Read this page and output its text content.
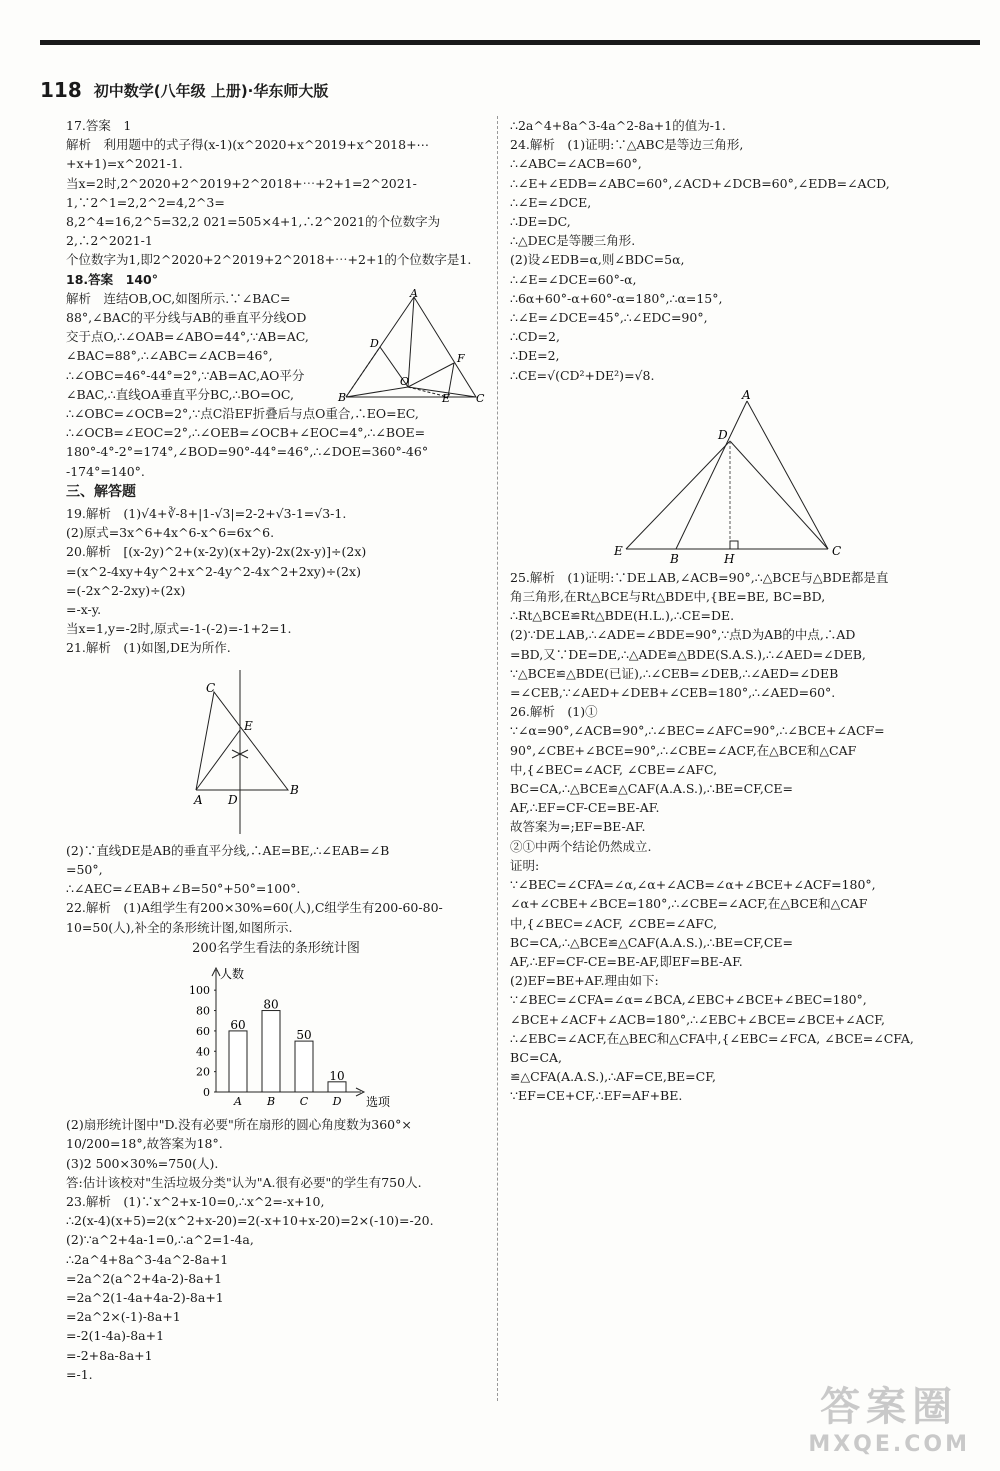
118 初中数学(八年级 上册)·华东师大版
17.答案　1
解析　利用题中的式子得(x-1)(x^2020+x^2019+x^2018+⋯+x+1)=x^2021-1.
当x=2时,2^2020+2^2019+2^2018+⋯+2+1=2^2021-1,∵2^1=2,2^2=4,2^3=
8,2^4=16,2^5=32,2 021=505×4+1,∴2^2021的个位数字为2,∴2^2021-1
个位数字为1,即2^2020+2^2019+2^2018+⋯+2+1的个位数字是1.
18.答案　140°
解析　连结OB,OC,如图所示.∵∠BAC=
88°,∠BAC的平分线与AB的垂直平分线OD
交于点O,∴∠OAB=∠ABO=44°,∵AB=AC,
∠BAC=88°,∴∠ABC=∠ACB=46°,
∴∠OBC=46°-44°=2°,∵AB=AC,AO平分
∠BAC,∴直线OA垂直平分BC,∴BO=OC,
A
D
F
B
O
E C
∴∠OBC=∠OCB=2°,∵点C沿EF折叠后与点O重合,∴EO=EC,
∴∠OCB=∠EOC=2°,∴∠OEB=∠OCB+∠EOC=4°,∴∠BOE=
180°-4°-2°=174°,∠BOD=90°-44°=46°,∴∠DOE=360°-46°
-174°=140°.
三、解答题
19.解析　(1)√4+∛-8+|1-√3|=2-2+√3-1=√3-1.
(2)原式=3x^6+4x^6-x^6=6x^6.
20.解析　[(x-2y)^2+(x-2y)(x+2y)-2x(2x-y)]÷(2x)
=(x^2-4xy+4y^2+x^2-4y^2-4x^2+2xy)÷(2x)
=(-2x^2-2xy)÷(2x)
=-x-y.
当x=1,y=-2时,原式=-1-(-2)=-1+2=1.
21.解析　(1)如图,DE为所作.
C
E
A D
B
(2)∵直线DE是AB的垂直平分线,∴AE=BE,∴∠EAB=∠B
=50°,
∴∠AEC=∠EAB+∠B=50°+50°=100°.
22.解析　(1)A组学生有200×30%=60(人),C组学生有200-60-80-
10=50(人),补全的条形统计图,如图所示.
200名学生看法的条形统计图
人数
选项
0
20
40
60
80
100
60
A
80
B
50
C
10
D
(2)扇形统计图中"D.没有必要"所在扇形的圆心角度数为360°×
10/200=18°,故答案为18°.
(3)2 500×30%=750(人).
答:估计该校对"生活垃圾分类"认为"A.很有必要"的学生有750人.
23.解析　(1)∵x^2+x-10=0,∴x^2=-x+10,
∴2(x-4)(x+5)=2(x^2+x-20)=2(-x+10+x-20)=2×(-10)=-20.
(2)∵a^2+4a-1=0,∴a^2=1-4a,
∴2a^4+8a^3-4a^2-8a+1
=2a^2(a^2+4a-2)-8a+1
=2a^2(1-4a+4a-2)-8a+1
=2a^2×(-1)-8a+1
=-2(1-4a)-8a+1
=-2+8a-8a+1
=-1.
∴2a^4+8a^3-4a^2-8a+1的值为-1.
24.解析　(1)证明:∵△ABC是等边三角形,
∴∠ABC=∠ACB=60°,
∴∠E+∠EDB=∠ABC=60°,∠ACD+∠DCB=60°,∠EDB=∠ACD,
∴∠E=∠DCE,
∴DE=DC,
∴△DEC是等腰三角形.
(2)设∠EDB=α,则∠BDC=5α,
∴∠E=∠DCE=60°-α,
∴6α+60°-α+60°-α=180°,∴α=15°,
∴∠E=∠DCE=45°,∴∠EDC=90°,
∴CD=2,
∴DE=2,
∴CE=√(CD²+DE²)=√8.
A
D
E
B	H
C
25.解析　(1)证明:∵DE⊥AB,∠ACB=90°,∴△BCE与△BDE都是直
角三角形,在Rt△BCE与Rt△BDE中,{BE=BE, BC=BD,
∴Rt△BCE≌Rt△BDE(H.L.),∴CE=DE.
(2)∵DE⊥AB,∴∠ADE=∠BDE=90°,∵点D为AB的中点,∴AD
=BD,又∵DE=DE,∴△ADE≌△BDE(S.A.S.),∴∠AED=∠DEB,
∵△BCE≌△BDE(已证),∴∠CEB=∠DEB,∴∠AED=∠DEB
=∠CEB,∵∠AED+∠DEB+∠CEB=180°,∴∠AED=60°.
26.解析　(1)①
∵∠α=90°,∠ACB=90°,∴∠BEC=∠AFC=90°,∴∠BCE+∠ACF=
90°,∠CBE+∠BCE=90°,∴∠CBE=∠ACF,在△BCE和△CAF
中,{∠BEC=∠ACF, ∠CBE=∠AFC, BC=CA,∴△BCE≌△CAF(A.A.S.),∴BE=CF,CE=
AF,∴EF=CF-CE=BE-AF.
故答案为=;EF=BE-AF.
②①中两个结论仍然成立.
证明:
∵∠BEC=∠CFA=∠α,∠α+∠ACB=∠α+∠BCE+∠ACF=180°,
∠α+∠CBE+∠BCE=180°,∴∠CBE=∠ACF,在△BCE和△CAF
中,{∠BEC=∠ACF, ∠CBE=∠AFC, BC=CA,∴△BCE≌△CAF(A.A.S.),∴BE=CF,CE=
AF,∴EF=CF-CE=BE-AF,即EF=BE-AF.
(2)EF=BE+AF.理由如下:
∵∠BEC=∠CFA=∠α=∠BCA,∠EBC+∠BCE+∠BEC=180°,
∠BCE+∠ACF+∠ACB=180°,∴∠EBC+∠BCE=∠BCE+∠ACF,
∴∠EBC=∠ACF,在△BEC和△CFA中,{∠EBC=∠FCA, ∠BCE=∠CFA, BC=CA,
≌△CFA(A.A.S.),∴AF=CE,BE=CF,
∵EF=CE+CF,∴EF=AF+BE.
答案圈
MXQE.COM
